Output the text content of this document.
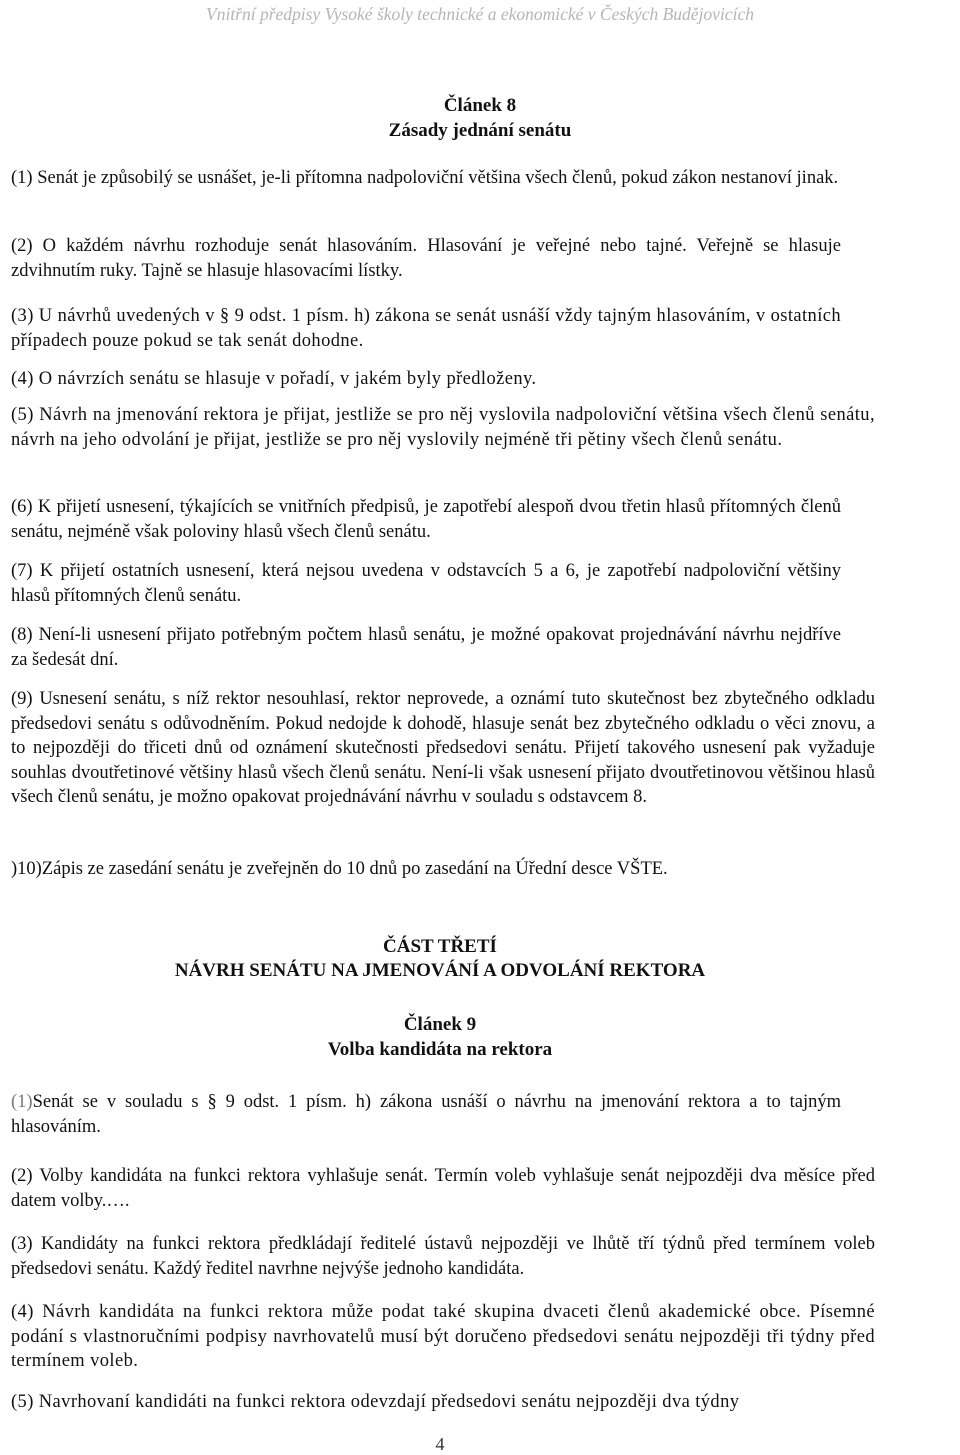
Vnitřní předpisy Vysoké školy technické a ekonomické v Českých Budějovicích
Článek 8
Zásady jednání senátu
(1) Senát je způsobilý se usnášet, je-li přítomna nadpoloviční většina všech členů, pokud zákon nestanoví jinak.
(2) O každém návrhu rozhoduje senát hlasováním. Hlasování je veřejné nebo tajné. Veřejně se hlasuje zdvihnutím ruky. Tajně se hlasuje hlasovacími lístky.
(3) U návrhů uvedených v § 9 odst. 1 písm. h) zákona se senát usnáší vždy tajným hlasováním, v ostatních případech pouze pokud se tak senát dohodne.
(4) O návrzích senátu se hlasuje v pořadí, v jakém byly předloženy.
(5) Návrh na jmenování rektora je přijat, jestliže se pro něj vyslovila nadpoloviční většina všech členů senátu, návrh na jeho odvolání je přijat, jestliže se pro něj vyslovily nejméně tři pětiny všech členů senátu.
(6) K přijetí usnesení, týkajících se vnitřních předpisů, je zapotřebí alespoň dvou třetin hlasů přítomných členů senátu, nejméně však poloviny hlasů všech členů senátu.
(7) K přijetí ostatních usnesení, která nejsou uvedena v odstavcích 5 a 6, je zapotřebí nadpoloviční většiny hlasů přítomných členů senátu.
(8) Není-li usnesení přijato potřebným počtem hlasů senátu, je možné opakovat projednávání návrhu nejdříve za šedesát dní.
(9) Usnesení senátu, s níž rektor nesouhlasí, rektor neprovede, a oznámí tuto skutečnost bez zbytečného odkladu předsedovi senátu s odůvodněním. Pokud nedojde k dohodě, hlasuje senát bez zbytečného odkladu o věci znovu, a to nejpozději do třiceti dnů od oznámení skutečnosti předsedovi senátu. Přijetí takového usnesení pak vyžaduje souhlas dvoutřetinové většiny hlasů všech členů senátu. Není-li však usnesení přijato dvoutřetinovou většinou hlasů všech členů senátu, je možno opakovat projednávání návrhu v souladu s odstavcem 8.
)10)Zápis ze zasedání senátu je zveřejněn do 10 dnů po zasedání na Úřední desce VŠTE.
ČÁST TŘETÍ
NÁVRH SENÁTU NA JMENOVÁNÍ A ODVOLÁNÍ REKTORA
Článek 9
Volba kandidáta na rektora
(1)Senát se v souladu s § 9 odst. 1 písm. h) zákona usnáší o návrhu na jmenování rektora a to tajným hlasováním.
(2) Volby kandidáta na funkci rektora vyhlašuje senát. Termín voleb vyhlašuje senát nejpozději dva měsíce před datem volby.….
(3) Kandidáty na funkci rektora předkládají ředitelé ústavů nejpozději ve lhůtě tří týdnů před termínem voleb předsedovi senátu. Každý ředitel navrhne nejvýše jednoho kandidáta.
(4) Návrh kandidáta na funkci rektora může podat také skupina dvaceti členů akademické obce. Písemné podání s vlastnoručními podpisy navrhovatelů musí být doručeno předsedovi senátu nejpozději tři týdny před termínem voleb.
(5) Navrhovaní kandidáti na funkci rektora odevzdají předsedovi senátu nejpozději dva týdny
4
